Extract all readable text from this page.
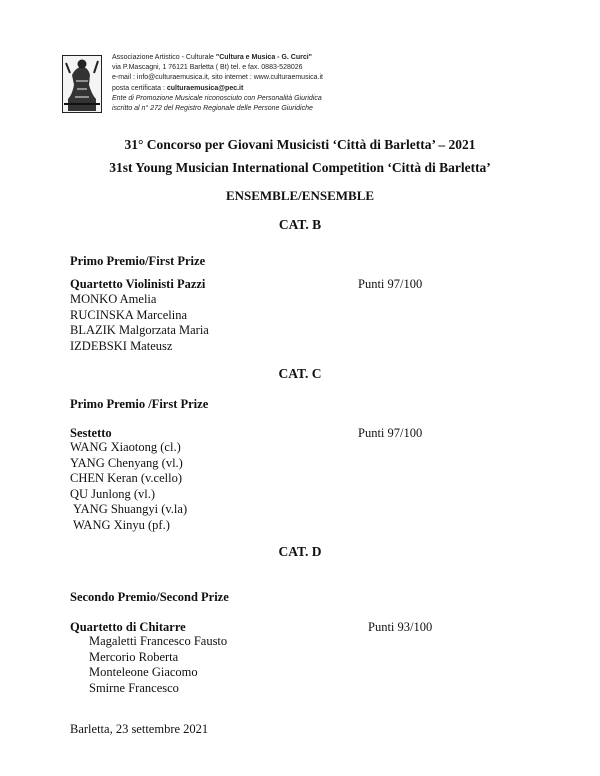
Associazione Artistico - Culturale "Cultura e Musica - G. Curci"
via P.Mascagni, 1 76121 Barletta ( Bt) tel. e fax. 0883-528026
e-mail : info@culturaemusica.it, sito internet : www.culturaemusica.it
posta certificata : culturaemusica@pec.it
Ente di Promozione Musicale riconosciuto con Personalità Giuridica
iscritto al n° 272 del Registro Regionale delle Persone Giuridiche
31° Concorso per Giovani Musicisti ‘Città di Barletta’ – 2021
31st Young Musician International Competition ‘Città di Barletta’
ENSEMBLE/ENSEMBLE
CAT. B
Primo Premio/First Prize
Quartetto Violinisti Pazzi	Punti 97/100
MONKO Amelia
RUCINSKA Marcelina
BLAZIK Malgorzata Maria
IZDEBSKI Mateusz
CAT. C
Primo Premio /First Prize
Sestetto	Punti 97/100
WANG Xiaotong (cl.)
YANG Chenyang (vl.)
CHEN Keran (v.cello)
QU Junlong (vl.)
YANG Shuangyi (v.la)
WANG Xinyu (pf.)
CAT. D
Secondo Premio/Second Prize
Quartetto di Chitarre	Punti 93/100
Magaletti Francesco Fausto
Mercorio Roberta
Monteleone Giacomo
Smirne Francesco
Barletta, 23 settembre 2021
